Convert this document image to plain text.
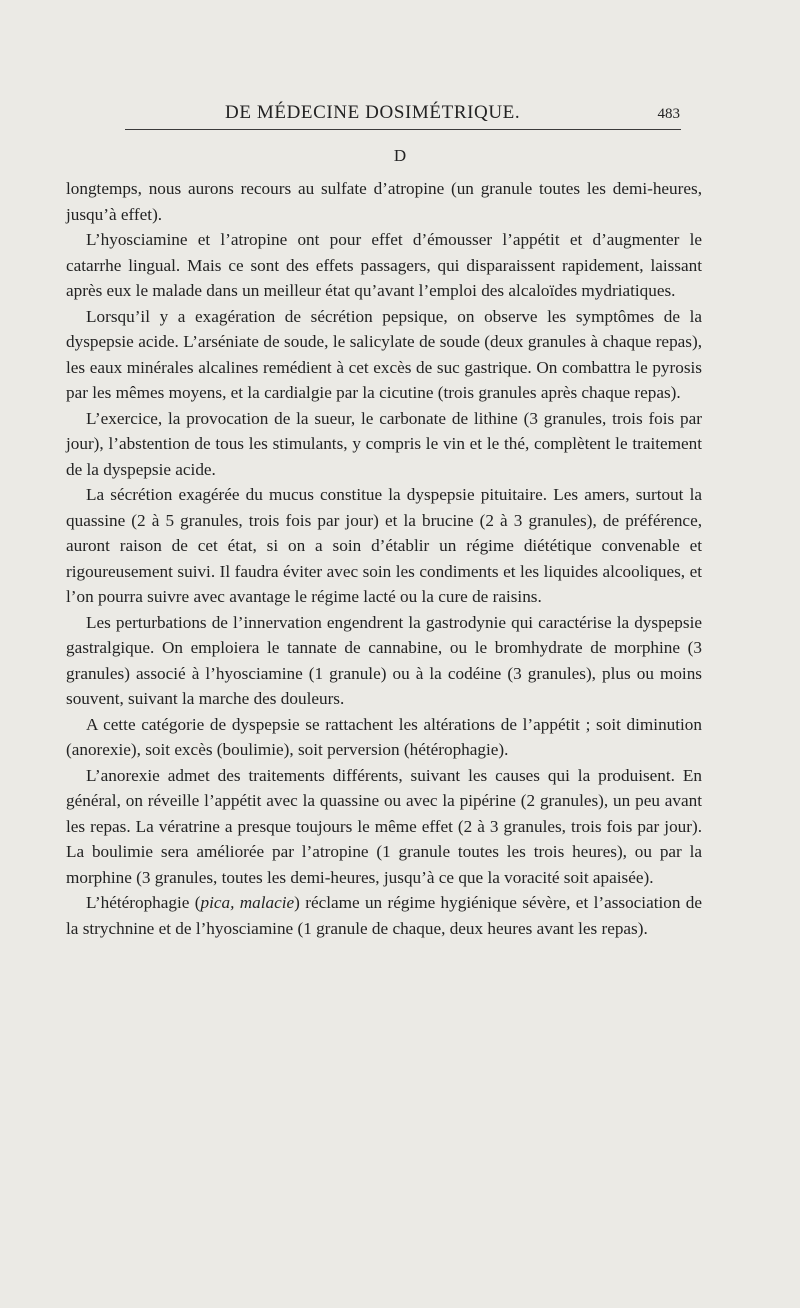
DE MÉDECINE DOSIMÉTRIQUE.	483
D

longtemps, nous aurons recours au sulfate d’atropine (un granule toutes les demi-heures, jusqu’à effet).

L’hyosciamine et l’atropine ont pour effet d’émousser l’appétit et d’augmenter le catarrhe lingual. Mais ce sont des effets passagers, qui disparaissent rapidement, laissant après eux le malade dans un meilleur état qu’avant l’emploi des alcaloïdes mydriatiques.

Lorsqu’il y a exagération de sécrétion pepsique, on observe les symptômes de la dyspepsie acide. L’arséniate de soude, le salicylate de soude (deux granules à chaque repas), les eaux minérales alcalines remédient à cet excès de suc gastrique. On combattra le pyrosis par les mêmes moyens, et la cardialgie par la cicutine (trois granules après chaque repas).

L’exercice, la provocation de la sueur, le carbonate de lithine (3 granules, trois fois par jour), l’abstention de tous les stimulants, y compris le vin et le thé, complètent le traitement de la dyspepsie acide.

La sécrétion exagérée du mucus constitue la dyspepsie pituitaire. Les amers, surtout la quassine (2 à 5 granules, trois fois par jour) et la brucine (2 à 3 granules), de préférence, auront raison de cet état, si on a soin d’établir un régime diététique convenable et rigoureusement suivi. Il faudra éviter avec soin les condiments et les liquides alcooliques, et l’on pourra suivre avec avantage le régime lacté ou la cure de raisins.

Les perturbations de l’innervation engendrent la gastrodynie qui caractérise la dyspepsie gastralgique. On emploiera le tannate de cannabine, ou le bromhydrate de morphine (3 granules) associé à l’hyosciamine (1 granule) ou à la codéine (3 granules), plus ou moins souvent, suivant la marche des douleurs.

A cette catégorie de dyspepsie se rattachent les altérations de l’appétit ; soit diminution (anorexie), soit excès (boulimie), soit perversion (hétérophagie).

L’anorexie admet des traitements différents, suivant les causes qui la produisent. En général, on réveille l’appétit avec la quassine ou avec la pipérine (2 granules), un peu avant les repas. La vératrine a presque toujours le même effet (2 à 3 granules, trois fois par jour). La boulimie sera améliorée par l’atropine (1 granule toutes les trois heures), ou par la morphine (3 granules, toutes les demi-heures, jusqu’à ce que la voracité soit apaisée).

L’hétérophagie (pica, malacie) réclame un régime hygiénique sévère, et l’association de la strychnine et de l’hyosciamine (1 granule de chaque, deux heures avant les repas).
